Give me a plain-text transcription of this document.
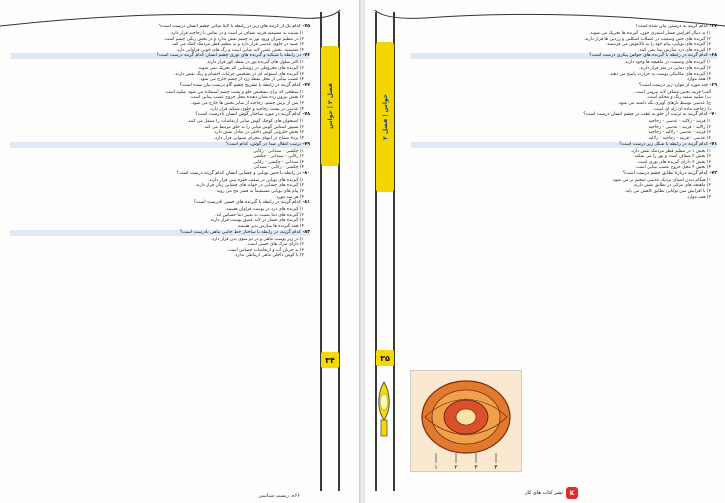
۷۵- کدام یک از گزینه های زیر در رابطه با لایهٔ میانی چشم انسان درست است؟
۱) نسبت به مشیمیه قرنیه شفاف تر است و در تماس با زجاجیه قرار دارد.
۲) در تنظیم میزان ورود نور به چشم نقش ندارد و در بخش رنگی چشم است.
۳) عنبیه در جلوی عدسی قرار دارد و به تنظیم قطر مردمک کمک می کند.
۴) مشیمیه، بخش عقبی لایه میانی است و رگ های خونی فراوانی دارد.
۷۶- در رابطه با شبکیه و گیرنده های نوری چشم انسان کدام گزینه درست است؟
۱) اکثر سلول های گیرنده نور در نقطه کور قرار دارند.
۲) گیرنده های مخروطی در روشنایی کم تحریک نمی شوند.
۳) گیرنده های استوانه ای در تشخیص جزئیات اجسام و رنگ نقش دارند.
۴) عصب بینایی از محل نقطه زرد از چشم خارج می شود.
۷۷- کدام گزینه در رابطه با تشریح چشم گاو درست بیان شده است؟
۱) سطحی که برای تشخیص جلو و پشت چشم استفاده می شود صلبیه است.
۲) بخش بیرون زده نشان دهندهٔ محل خروج عصب بینایی است.
۳) پس از برش چشم، زجاجیه از سایر بخش ها خارج می شود.
۴) عدسی در پشت زجاجیه و جلوی شبکیه قرار دارد.
۷۸- کدام گزینه در مورد ساختار گوش انسان نادرست است؟
۱) استخوان های کوچک گوش میانی ارتعاشات را منتقل می کنند.
۲) شیپور استاش گوش میانی را به حلق مرتبط می کند.
۳) بخش حلزونی گوش داخلی در تعادل نقش دارد.
۴) پردهٔ صماخ در انتهای مجرای شنوایی قرار دارد.
۷۹- ترتیب انتقال صدا در گوش، کدام است؟
۱) چکشی - سندانی - رکابی
۲) رکابی - سندانی - چکشی
۳) سندانی - چکشی - رکابی
۴) چکشی - رکابی - سندانی
۸۰- در رابطه با حس بویایی و چشایی انسان کدام گزینه درست است؟
۱) گیرنده های بویایی در سقف حفره بینی قرار دارند.
۲) گیرنده های چشایی در جوانه های چشایی زبان قرار دارند.
۳) پیام های بویایی مستقیماً به قشر مخ می روند.
۴) هر سه مورد
۸۱- کدام گزینه در رابطه با گیرنده های حسی نادرست است؟
۱) گیرنده های درد در پوست فراوان هستند.
۲) گیرنده های دما نسبت به تغییر دما حساس اند.
۳) گیرنده های فشار در لایه عمیق پوست قرار دارند.
۴) همه گیرنده ها سازش پذیر هستند.
۸۲- کدام گزینه، در رابطه با ساختار خط جانبی ماهی نادرست است؟
۱) در زیر پوست ماهی و در دو سوی بدن قرار دارد.
۲) دارای مژک های حسی است.
۳) به جریان آب و ارتعاشات حساس است.
۴) با گوش داخلی ماهی ارتباطی ندارد.
فصل ۲ | حواس
۳۴
۶۶ه. زیست شناسی
حواس | فصل ۲
۳۵
۶۷- کدام گزینه به درستی بیان شده است؟
۱) به دنبال افزایش فشار اسمزی خون، گیرنده ها تحریک می شوند.
۲) گیرنده های حس وضعیت در عضلات اسکلتی و زردپی ها قرار دارند.
۳) گیرنده های بویایی، پیام خود را به تالاموس می فرستند.
۴) گیرنده های درد سازش پیدا نمی کنند.
۶۸- کدام گزینه در رابطه با گیرنده های حواس پیکری درست است؟
۱) گیرنده های وضعیت در ماهیچه ها وجود دارند.
۲) گیرنده های دمایی در مغز قرار دارند.
۳) گیرنده های مکانیکی پوست به حرارت پاسخ می دهند.
۴) همه موارد
۶۹- چند مورد از موارد زیر درست است؟
الف) قرنیه بخش شفاف لایه بیرونی است.
ب) صلبیه سفید رنگ و محکم است.
ج) عدسی توسط تارهای آویزی نگه داشته می شود.
د) زجاجیه ماده ای ژله ای است.
۷۰- کدام گزینه به ترتیب از جلو به عقب در چشم انسان درست است؟
۱) قرنیه - زلالیه - عدسی - زجاجیه
۲) زلالیه - قرنیه - عدسی - زجاجیه
۳) قرنیه - عدسی - زلالیه - زجاجیه
۴) عدسی - قرنیه - زجاجیه - زلالیه
۷۱- کدام گزینه در رابطه با شکل زیر درست است؟
۱) بخش ۱ در تنظیم قطر مردمک نقش دارد.
۲) بخش ۲ شفاف است و نور را می شکند.
۳) بخش ۳ دارای گیرنده های نوری است.
۴) بخش ۴ محل خروج عصب بینایی است.
۷۲- کدام گزینه دربارهٔ تطابق چشم درست است؟
۱) هنگام دیدن اشیای نزدیک عدسی ضخیم تر می شود.
۲) ماهیچه های مژکی در تطابق نقش دارند.
۳) با افزایش سن توانایی تطابق کاهش می یابد.
۴) همه موارد
K
نشر کتاب های کار
۱	۲	۳	۴
